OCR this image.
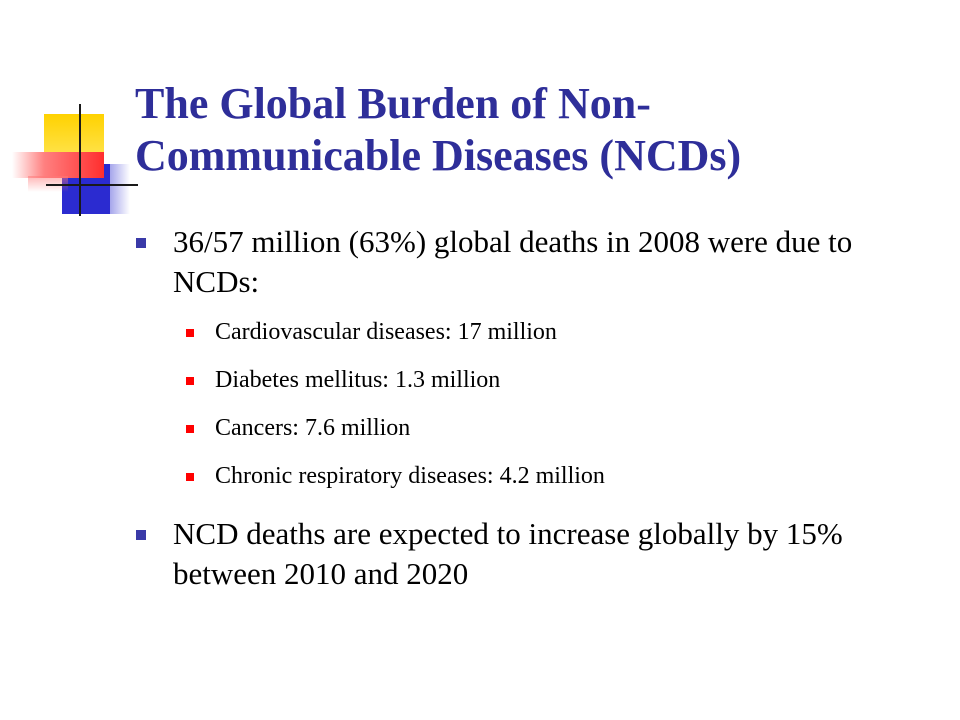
The Global Burden of Non-
Communicable Diseases (NCDs)
36/57 million (63%) global deaths in 2008 were due to NCDs:
Cardiovascular diseases: 17 million
Diabetes mellitus: 1.3 million
Cancers: 7.6 million
Chronic respiratory diseases: 4.2 million
NCD deaths are expected to increase globally by 15% between 2010 and 2020
